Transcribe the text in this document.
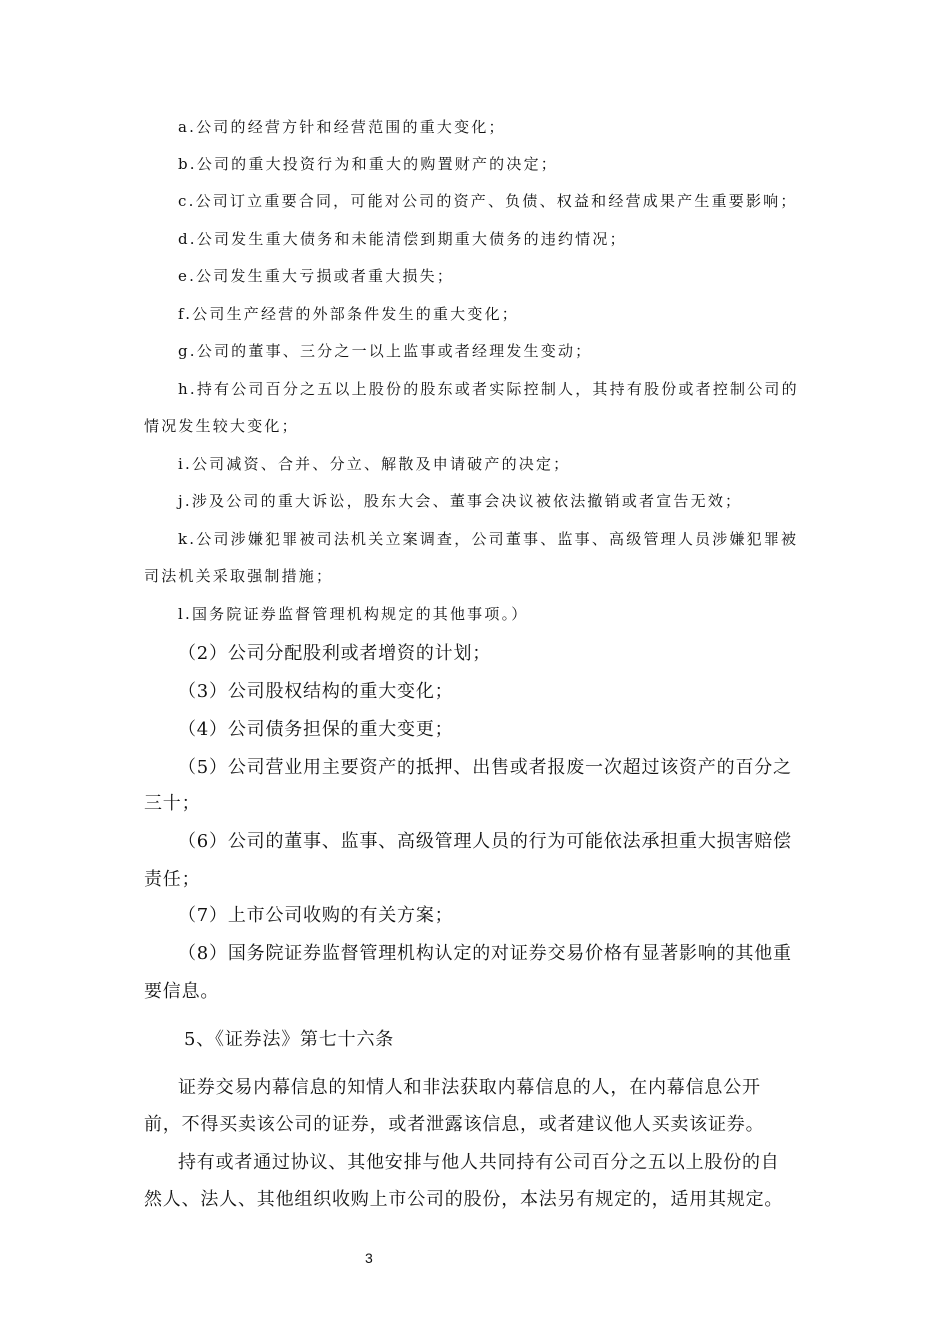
a.公司的经营方针和经营范围的重大变化；
b.公司的重大投资行为和重大的购置财产的决定；
c.公司订立重要合同，可能对公司的资产、负债、权益和经营成果产生重要影响；
d.公司发生重大债务和未能清偿到期重大债务的违约情况；
e.公司发生重大亏损或者重大损失；
f.公司生产经营的外部条件发生的重大变化；
g.公司的董事、三分之一以上监事或者经理发生变动；
h.持有公司百分之五以上股份的股东或者实际控制人，其持有股份或者控制公司的
情况发生较大变化；
i.公司减资、合并、分立、解散及申请破产的决定；
j.涉及公司的重大诉讼，股东大会、董事会决议被依法撤销或者宣告无效；
k.公司涉嫌犯罪被司法机关立案调查，公司董事、监事、高级管理人员涉嫌犯罪被
司法机关采取强制措施；
l.国务院证券监督管理机构规定的其他事项。）
（2）公司分配股利或者增资的计划；
（3）公司股权结构的重大变化；
（4）公司债务担保的重大变更；
（5）公司营业用主要资产的抵押、出售或者报废一次超过该资产的百分之
三十；
（6）公司的董事、监事、高级管理人员的行为可能依法承担重大损害赔偿
责任；
（7）上市公司收购的有关方案；
（8）国务院证券监督管理机构认定的对证券交易价格有显著影响的其他重
要信息。
5、《证券法》第七十六条
证券交易内幕信息的知情人和非法获取内幕信息的人，在内幕信息公开
前，不得买卖该公司的证券，或者泄露该信息，或者建议他人买卖该证券。
持有或者通过协议、其他安排与他人共同持有公司百分之五以上股份的自
然人、法人、其他组织收购上市公司的股份，本法另有规定的，适用其规定。
3
